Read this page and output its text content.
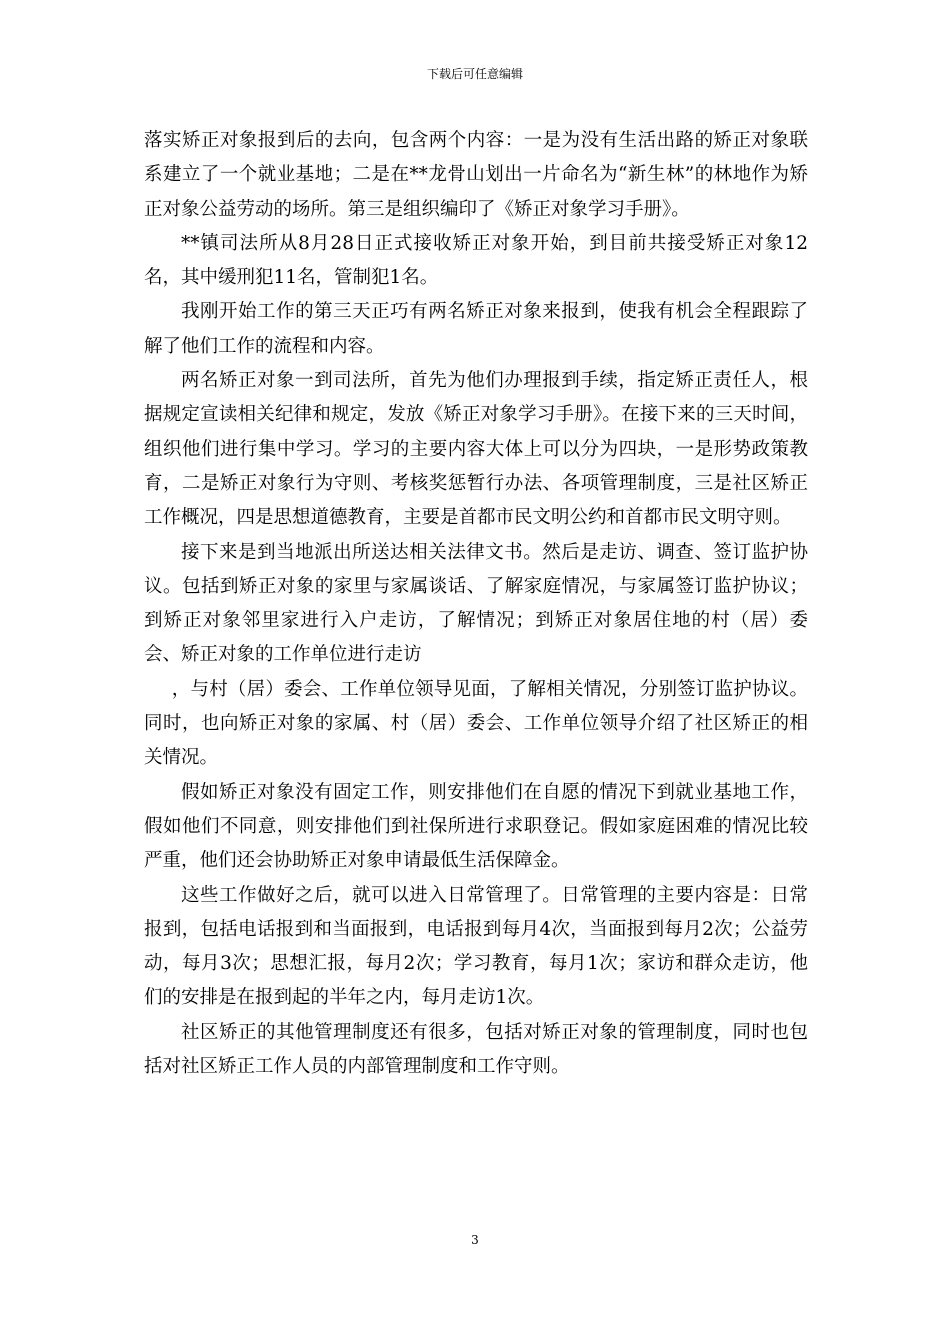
下载后可任意编辑

落实矫正对象报到后的去向，包含两个内容：一是为没有生活出路的矫正对象联系建立了一个就业基地；二是在**龙骨山划出一片命名为“新生林”的林地作为矫正对象公益劳动的场所。第三是组织编印了《矫正对象学习手册》。

**镇司法所从8月28日正式接收矫正对象开始，到目前共接受矫正对象12名，其中缓刑犯11名，管制犯1名。

我刚开始工作的第三天正巧有两名矫正对象来报到，使我有机会全程跟踪了解了他们工作的流程和内容。

两名矫正对象一到司法所，首先为他们办理报到手续，指定矫正责任人，根据规定宣读相关纪律和规定，发放《矫正对象学习手册》。在接下来的三天时间，组织他们进行集中学习。学习的主要内容大体上可以分为四块，一是形势政策教育，二是矫正对象行为守则、考核奖惩暂行办法、各项管理制度，三是社区矫正工作概况，四是思想道德教育，主要是首都市民文明公约和首都市民文明守则。

接下来是到当地派出所送达相关法律文书。然后是走访、调查、签订监护协议。包括到矫正对象的家里与家属谈话、了解家庭情况，与家属签订监护协议；到矫正对象邻里家进行入户走访，了解情况；到矫正对象居住地的村（居）委会、矫正对象的工作单位进行走访

，与村（居）委会、工作单位领导见面，了解相关情况，分别签订监护协议。同时，也向矫正对象的家属、村（居）委会、工作单位领导介绍了社区矫正的相关情况。

假如矫正对象没有固定工作，则安排他们在自愿的情况下到就业基地工作，假如他们不同意，则安排他们到社保所进行求职登记。假如家庭困难的情况比较严重，他们还会协助矫正对象申请最低生活保障金。

这些工作做好之后，就可以进入日常管理了。日常管理的主要内容是：日常报到，包括电话报到和当面报到，电话报到每月4次，当面报到每月2次；公益劳动，每月3次；思想汇报，每月2次；学习教育，每月1次；家访和群众走访，他们的安排是在报到起的半年之内，每月走访1次。

社区矫正的其他管理制度还有很多，包括对矫正对象的管理制度，同时也包括对社区矫正工作人员的内部管理制度和工作守则。

3
